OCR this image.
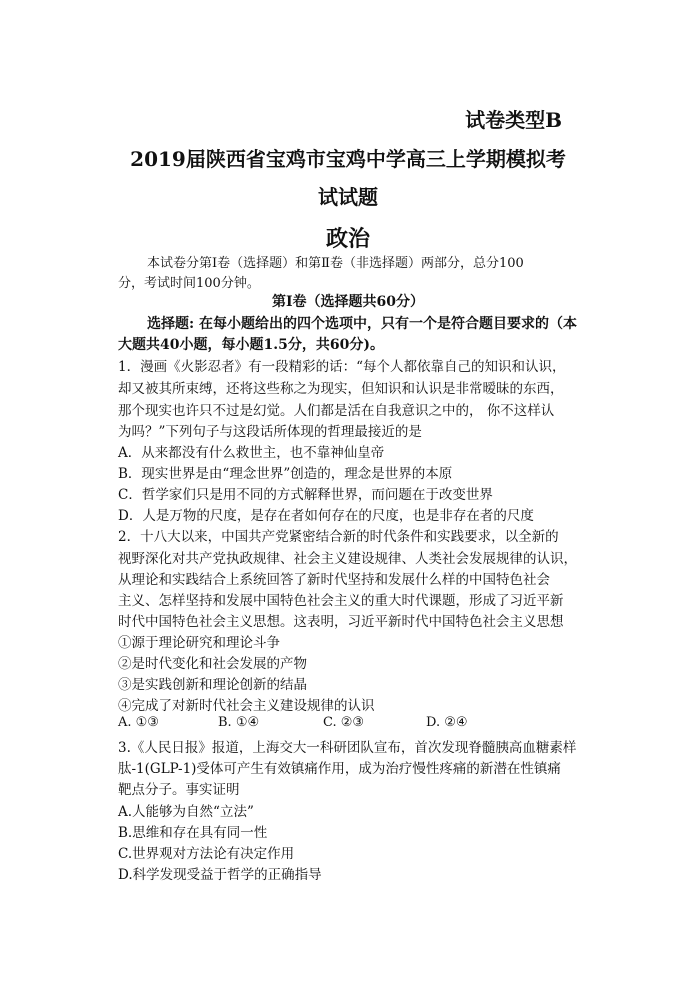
试卷类型B
2019届陕西省宝鸡市宝鸡中学高三上学期模拟考
试试题
政治
本试卷分第Ⅰ卷（选择题）和第Ⅱ卷（非选择题）两部分，总分100
分，考试时间100分钟。
第Ⅰ卷（选择题共60分）
选择题: 在每小题给出的四个选项中，只有一个是符合题目要求的（本
大题共40小题，每小题1.5分，共60分)。
1．漫画《火影忍者》有一段精彩的话：“每个人都依靠自己的知识和认识，
却又被其所束缚，还将这些称之为现实，但知识和认识是非常暧昧的东西，
那个现实也许只不过是幻觉。人们都是活在自我意识之中的， 你不这样认
为吗？”下列句子与这段话所体现的哲理最接近的是
A．从来都没有什么救世主，也不靠神仙皇帝
B．现实世界是由“理念世界”创造的，理念是世界的本原
C．哲学家们只是用不同的方式解释世界，而问题在于改变世界
D．人是万物的尺度，是存在者如何存在的尺度，也是非存在者的尺度
2．十八大以来，中国共产党紧密结合新的时代条件和实践要求，以全新的
视野深化对共产党执政规律、社会主义建设规律、人类社会发展规律的认识，
从理论和实践结合上系统回答了新时代坚持和发展什么样的中国特色社会
主义、怎样坚持和发展中国特色社会主义的重大时代课题，形成了习近平新
时代中国特色社会主义思想。这表明，习近平新时代中国特色社会主义思想
①源于理论研究和理论斗争
②是时代变化和社会发展的产物
③是实践创新和理论创新的结晶
④完成了对新时代社会主义建设规律的认识
A. ①③	B. ①④	C. ②③	D. ②④
3.《人民日报》报道，上海交大一科研团队宣布，首次发现脊髓胰高血糖素样
肽-1(GLP-1)受体可产生有效镇痛作用，成为治疗慢性疼痛的新潜在性镇痛
靶点分子。事实证明
A.人能够为自然“立法”
B.思维和存在具有同一性
C.世界观对方法论有决定作用
D.科学发现受益于哲学的正确指导
